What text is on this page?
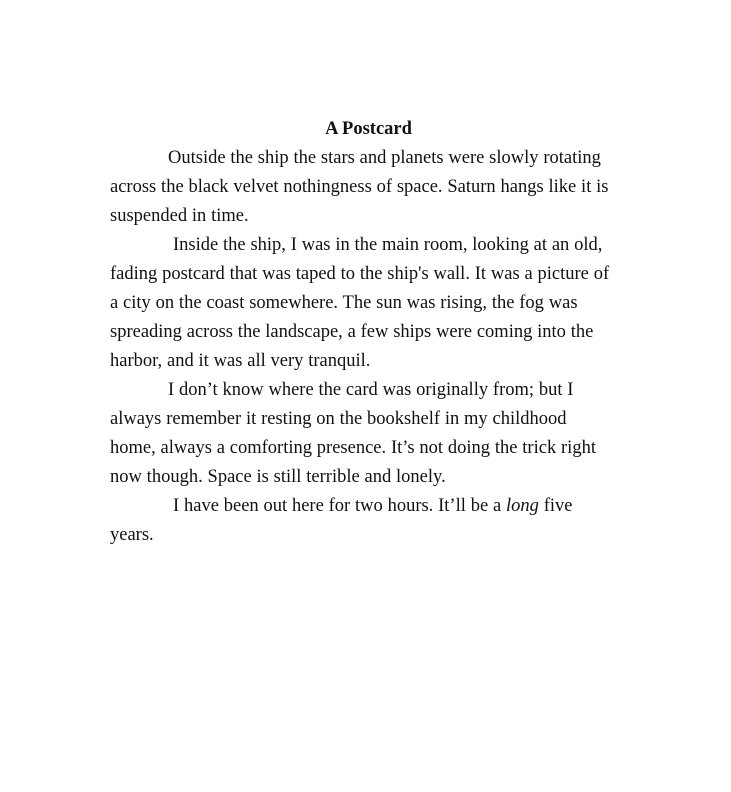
A Postcard

Outside the ship the stars and planets were slowly rotating across the black velvet nothingness of space. Saturn hangs like it is suspended in time.

Inside the ship, I was in the main room, looking at an old, fading postcard that was taped to the ship's wall. It was a picture of a city on the coast somewhere. The sun was rising, the fog was spreading across the landscape, a few ships were coming into the harbor, and it was all very tranquil.

I don’t know where the card was originally from; but I always remember it resting on the bookshelf in my childhood home, always a comforting presence. It’s not doing the trick right now though. Space is still terrible and lonely.

I have been out here for two hours. It’ll be a long five years.
